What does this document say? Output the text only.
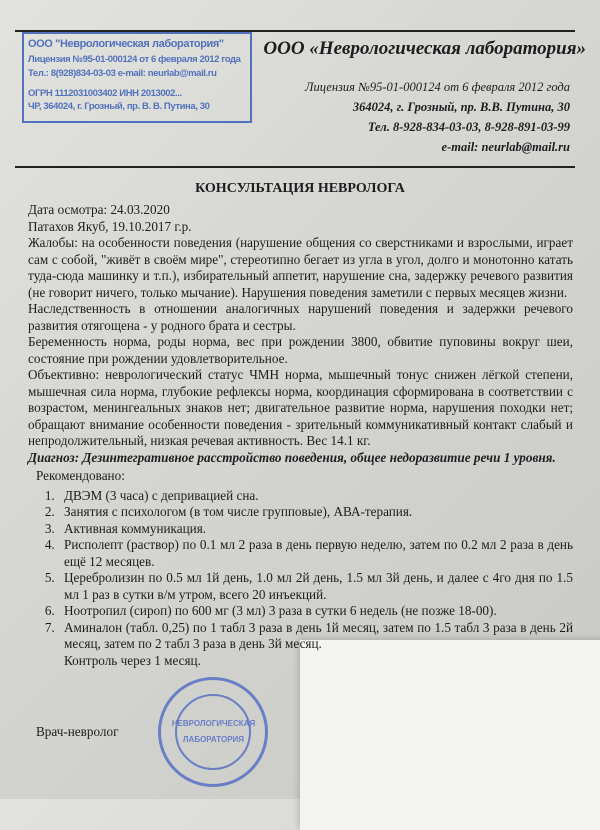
ООО "Неврологическая лаборатория"
Лицензия №95-01-000124 от 6 февраля 2012 года
Тел.: 8(928)834-03-03 e-mail: neurlab@mail.ru
ОГРН 1112031003402 ИНН 2013002...
ЧР, 364024, г. Грозный, пр. В. В. Путина, 30
ООО «Неврологическая лаборатория»
Лицензия №95-01-000124 от 6 февраля 2012 года
364024, г. Грозный, пр. В.В. Путина, 30
Тел. 8-928-834-03-03, 8-928-891-03-99
e-mail: neurlab@mail.ru
КОНСУЛЬТАЦИЯ НЕВРОЛОГА

Дата осмотра: 24.03.2020

Патахов Якуб, 19.10.2017 г.р.

Жалобы: на особенности поведения (нарушение общения со сверстниками и взрослыми, играет сам с собой, "живёт в своём мире", стереотипно бегает из угла в угол, долго и монотонно катать туда-сюда машинку и т.п.), избирательный аппетит, нарушение сна, задержку речевого развития (не говорит ничего, только мычание). Нарушения поведения заметили с первых месяцев жизни.

Наследственность в отношении аналогичных нарушений поведения и задержки речевого развития отягощена - у родного брата и сестры.

Беременность норма, роды норма, вес при рождении 3800, обвитие пуповины вокруг шеи, состояние при рождении удовлетворительное.

Объективно: неврологический статус ЧМН норма, мышечный тонус снижен лёгкой степени, мышечная сила норма, глубокие рефлексы норма, координация сформирована в соответствии с возрастом, менингеальных знаков нет; двигательное развитие норма, нарушения походки нет; обращают внимание особенности поведения - зрительный коммуникативный контакт слабый и непродолжительный, низкая речевая активность. Вес 14.1 кг.

Диагноз: Дезинтегративное расстройство поведения, общее недоразвитие речи 1 уровня.

Рекомендовано:

1. ДВЭМ (3 часа) с депривацией сна.
2. Занятия с психологом (в том числе групповые), АВА-терапия.
3. Активная коммуникация.
4. Рисполепт (раствор) по 0.1 мл 2 раза в день первую неделю, затем по 0.2 мл 2 раза в день ещё 12 месяцев.
5. Церебролизин по 0.5 мл 1й день, 1.0 мл 2й день, 1.5 мл 3й день, и далее с 4го дня по 1.5 мл 1 раз в сутки в/м утром, всего 20 инъекций.
6. Ноотропил (сироп) по 600 мг (3 мл) 3 раза в сутки 6 недель (не позже 18-00).
7. Аминалон (табл. 0,25) по 1 табл 3 раза в день 1й месяц, затем по 1.5 табл 3 раза в день 2й месяц, затем по 2 табл 3 раза в день 3й месяц.

Контроль через 1 месяц.

Врач-невролог
НЕВРОЛОГИЧЕСКАЯ ЛАБОРАТОРИЯ
